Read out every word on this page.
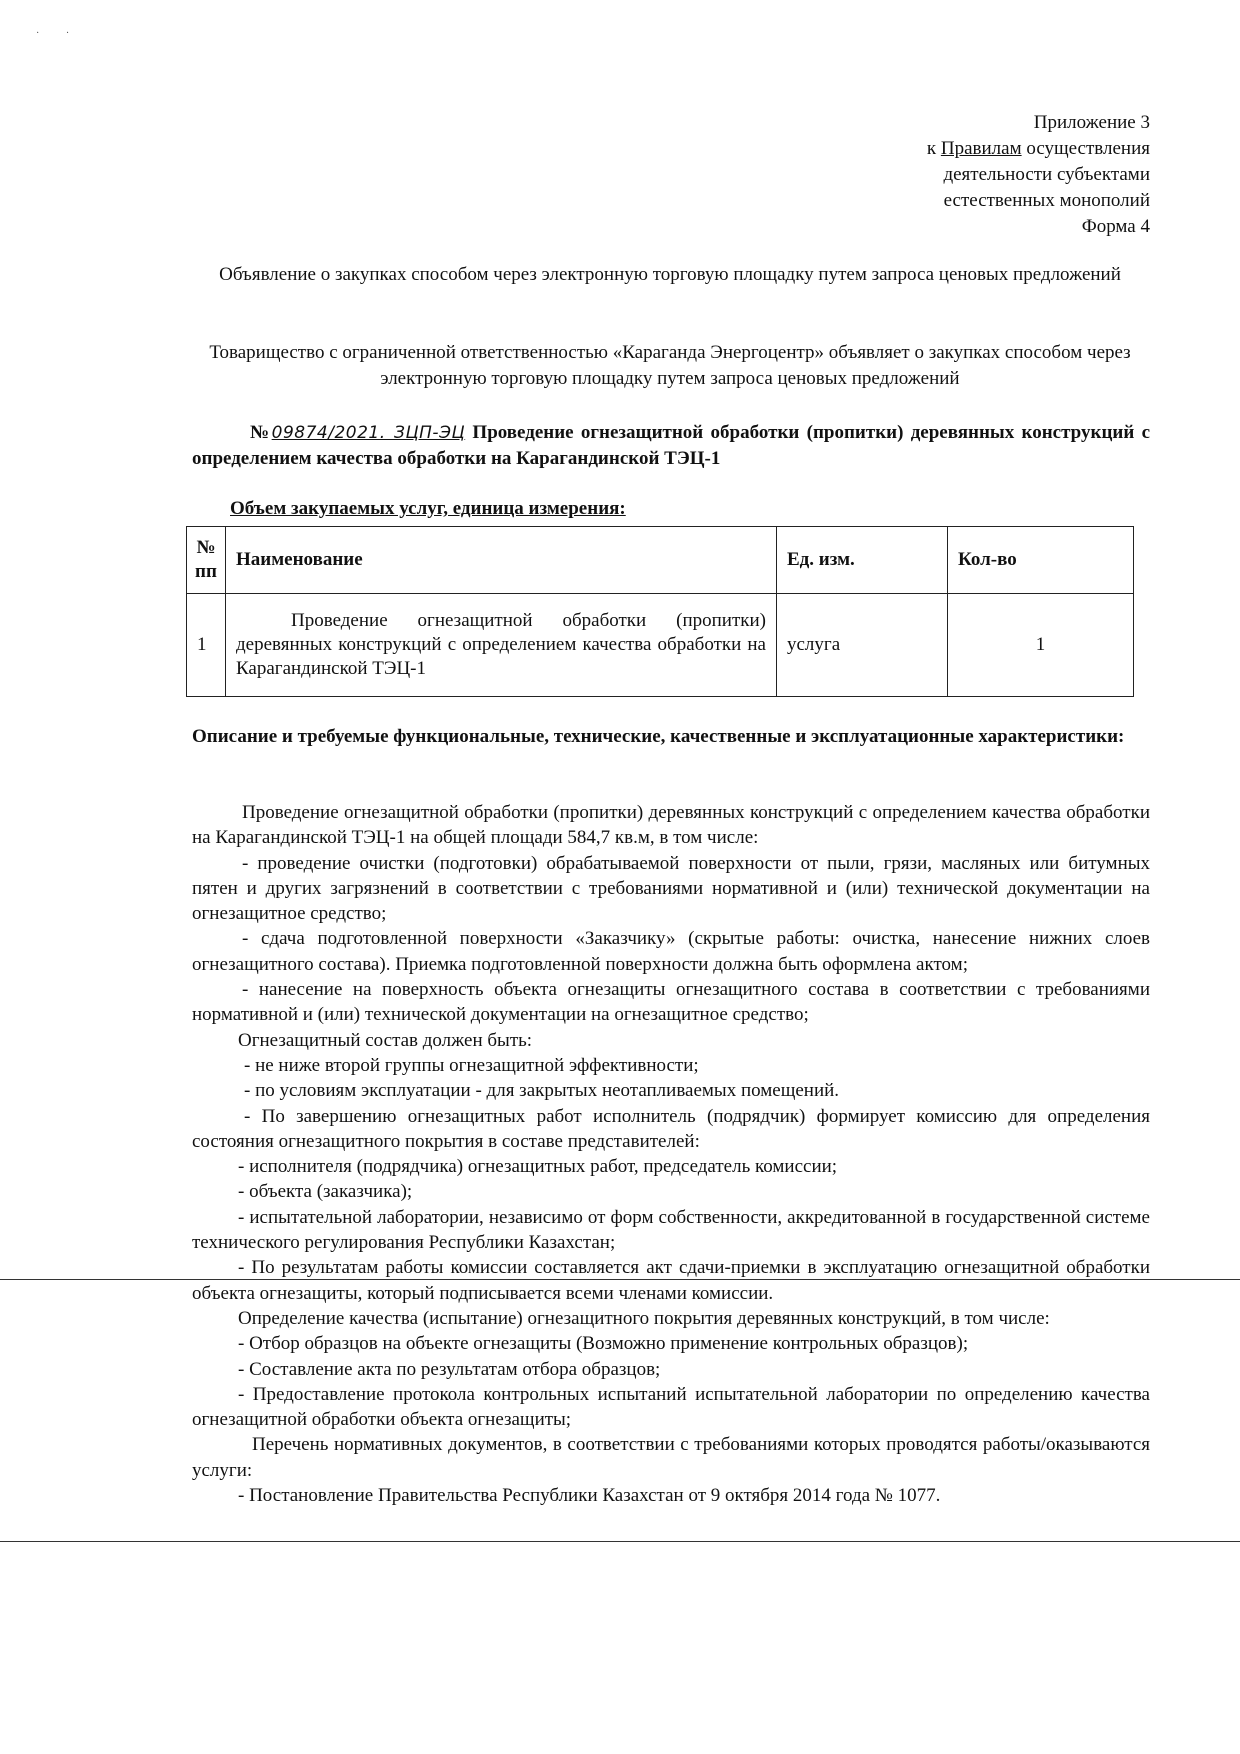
Приложение 3
к Правилам осуществления
деятельности субъектами
естественных монополий
Форма 4
Объявление о закупках способом через электронную торговую площадку путем запроса ценовых предложений
Товарищество с ограниченной ответственностью «Караганда Энергоцентр» объявляет о закупках способом через электронную торговую площадку путем запроса ценовых предложений
№09874/2021. ЗЦП-ЭЦ Проведение огнезащитной обработки (пропитки) деревянных конструкций с определением качества обработки на Карагандинской ТЭЦ-1
Объем закупаемых услуг, единица измерения:
№ пп	Наименование	Ед. изм.	Кол-во
1	Проведение огнезащитной обработки (пропитки) деревянных конструкций с определением качества обработки на Карагандинской ТЭЦ-1	услуга	1
Описание и требуемые функциональные, технические, качественные и эксплуатационные характеристики:

Проведение огнезащитной обработки (пропитки) деревянных конструкций с определением качества обработки на Карагандинской ТЭЦ-1 на общей площади 584,7 кв.м, в том числе:

- проведение очистки (подготовки) обрабатываемой поверхности от пыли, грязи, масляных или битумных пятен и других загрязнений в соответствии с требованиями нормативной и (или) технической документации на огнезащитное средство;

- сдача подготовленной поверхности «Заказчику» (скрытые работы: очистка, нанесение нижних слоев огнезащитного состава). Приемка подготовленной поверхности должна быть оформлена актом;

- нанесение на поверхность объекта огнезащиты огнезащитного состава в соответствии с требованиями нормативной и (или) технической документации на огнезащитное средство;

Огнезащитный состав должен быть:

- не ниже второй группы огнезащитной эффективности;

- по условиям эксплуатации - для закрытых неотапливаемых помещений.

- По завершению огнезащитных работ исполнитель (подрядчик) формирует комиссию для определения состояния огнезащитного покрытия в составе представителей:

- исполнителя (подрядчика) огнезащитных работ, председатель комиссии;

- объекта (заказчика);

- испытательной лаборатории, независимо от форм собственности, аккредитованной в государственной системе технического регулирования Республики Казахстан;

- По результатам работы комиссии составляется акт сдачи-приемки в эксплуатацию огнезащитной обработки объекта огнезащиты, который подписывается всеми членами комиссии.

Определение качества (испытание) огнезащитного покрытия деревянных конструкций, в том числе:

- Отбор образцов на объекте огнезащиты (Возможно применение контрольных образцов);

- Составление акта по результатам отбора образцов;

- Предоставление протокола контрольных испытаний испытательной лаборатории по определению качества огнезащитной обработки объекта огнезащиты;

Перечень нормативных документов, в соответствии с требованиями которых проводятся работы/оказываются услуги:

- Постановление Правительства Республики Казахстан от 9 октября 2014 года № 1077.

· ·
